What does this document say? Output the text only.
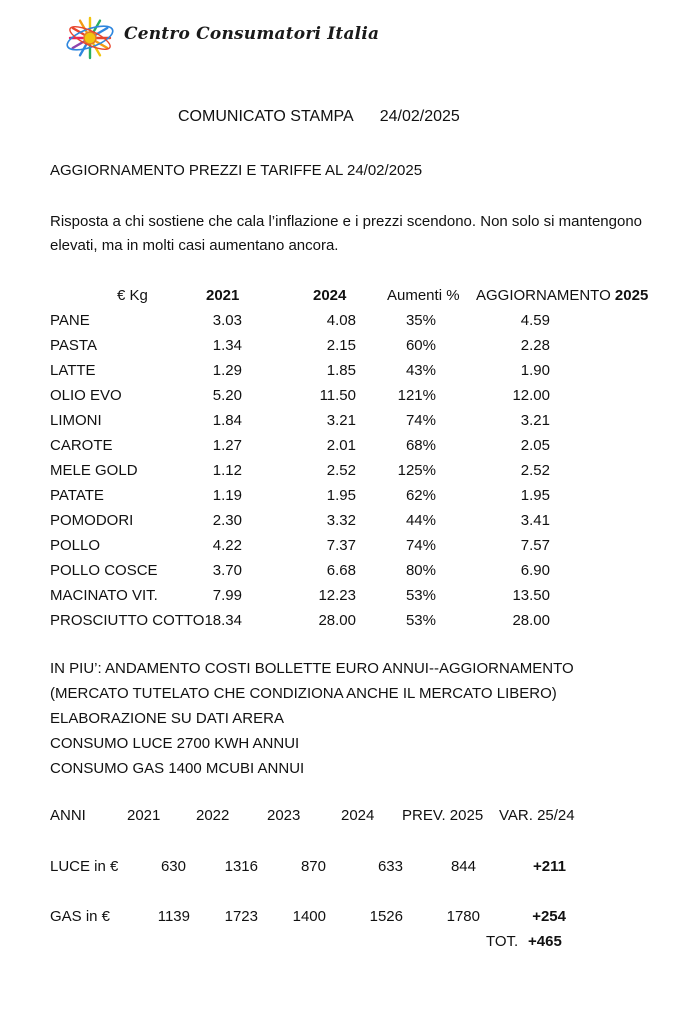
Centro Consumatori Italia
COMUNICATO STAMPA 24/02/2025
AGGIORNAMENTO PREZZI E TARIFFE AL 24/02/2025
Risposta a chi sostiene che cala l’inflazione e i prezzi scendono. Non solo si mantengono elevati, ma in molti casi aumentano ancora.
€ Kg	2021	2024	Aumenti % AGGIORNAMENTO 2025
PANE	3.03	4.08	35%	4.59
PASTA	1.34	2.15	60%	2.28
LATTE	1.29	1.85	43%	1.90
OLIO EVO	5.20	11.50	121%	12.00
LIMONI	1.84	3.21	74%	3.21
CAROTE	1.27	2.01	68%	2.05
MELE GOLD	1.12	2.52	125%	2.52
PATATE	1.19	1.95	62%	1.95
POMODORI	2.30	3.32	44%	3.41
POLLO	4.22	7.37	74%	7.57
POLLO COSCE	3.70	6.68	80%	6.90
MACINATO VIT.	7.99	12.23	53%	13.50
PROSCIUTTO COTTO 18.34	28.00	53%	28.00
IN PIU’: ANDAMENTO COSTI BOLLETTE EURO ANNUI--AGGIORNAMENTO
(MERCATO TUTELATO CHE CONDIZIONA ANCHE IL MERCATO LIBERO)
ELABORAZIONE SU DATI ARERA
CONSUMO LUCE 2700 KWH ANNUI
CONSUMO GAS 1400 MCUBI ANNUI
ANNI	2021 2022	2023	2024 PREV. 2025 VAR. 25/24
LUCE in €	630	1316	870	633	844	+211
GAS in €	1139	1723	1400	1526	1780	+254
TOT. +465
